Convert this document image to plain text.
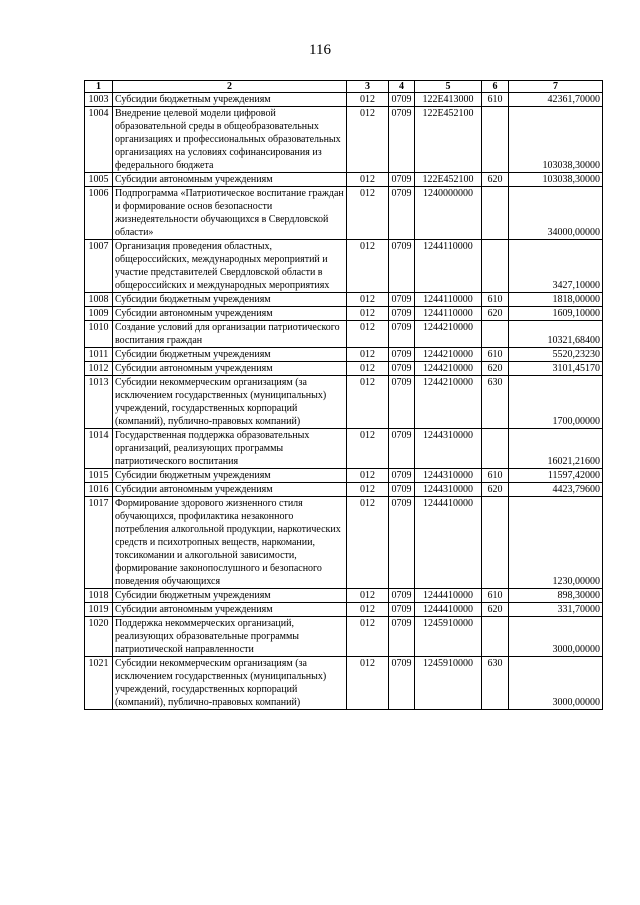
116
1	2	3	4	5	6	7
1003	Субсидии бюджетным учреждениям	012	0709	122Е413000	610	42361,70000
1004	Внедрение целевой модели цифровой образовательной среды в общеобразовательных организациях и профессиональных образовательных организациях на условиях софинансирования из федерального бюджета	012	0709	122Е452100		103038,30000
1005	Субсидии автономным учреждениям	012	0709	122Е452100	620	103038,30000
1006	Подпрограмма «Патриотическое воспитание граждан и формирование основ безопасности жизнедеятельности обучающихся в Свердловской области»	012	0709	1240000000		34000,00000
1007	Организация проведения областных, общероссийских, международных мероприятий и участие представителей Свердловской области в общероссийских и международных мероприятиях	012	0709	1244110000		3427,10000
1008	Субсидии бюджетным учреждениям	012	0709	1244110000	610	1818,00000
1009	Субсидии автономным учреждениям	012	0709	1244110000	620	1609,10000
1010	Создание условий для организации патриотического воспитания граждан	012	0709	1244210000		10321,68400
1011	Субсидии бюджетным учреждениям	012	0709	1244210000	610	5520,23230
1012	Субсидии автономным учреждениям	012	0709	1244210000	620	3101,45170
1013	Субсидии некоммерческим организациям (за исключением государственных (муниципальных) учреждений, государственных корпораций (компаний), публично-правовых компаний)	012	0709	1244210000	630	1700,00000
1014	Государственная поддержка образовательных организаций, реализующих программы патриотического воспитания	012	0709	1244310000		16021,21600
1015	Субсидии бюджетным учреждениям	012	0709	1244310000	610	11597,42000
1016	Субсидии автономным учреждениям	012	0709	1244310000	620	4423,79600
1017	Формирование здорового жизненного стиля обучающихся, профилактика незаконного потребления алкогольной продукции, наркотических средств и психотропных веществ, наркомании, токсикомании и алкогольной зависимости, формирование законопослушного и безопасного поведения обучающихся	012	0709	1244410000		1230,00000
1018	Субсидии бюджетным учреждениям	012	0709	1244410000	610	898,30000
1019	Субсидии автономным учреждениям	012	0709	1244410000	620	331,70000
1020	Поддержка некоммерческих организаций, реализующих образовательные программы патриотической направленности	012	0709	1245910000		3000,00000
1021	Субсидии некоммерческим организациям (за исключением государственных (муниципальных) учреждений, государственных корпораций (компаний), публично-правовых компаний)	012	0709	1245910000	630	3000,00000
